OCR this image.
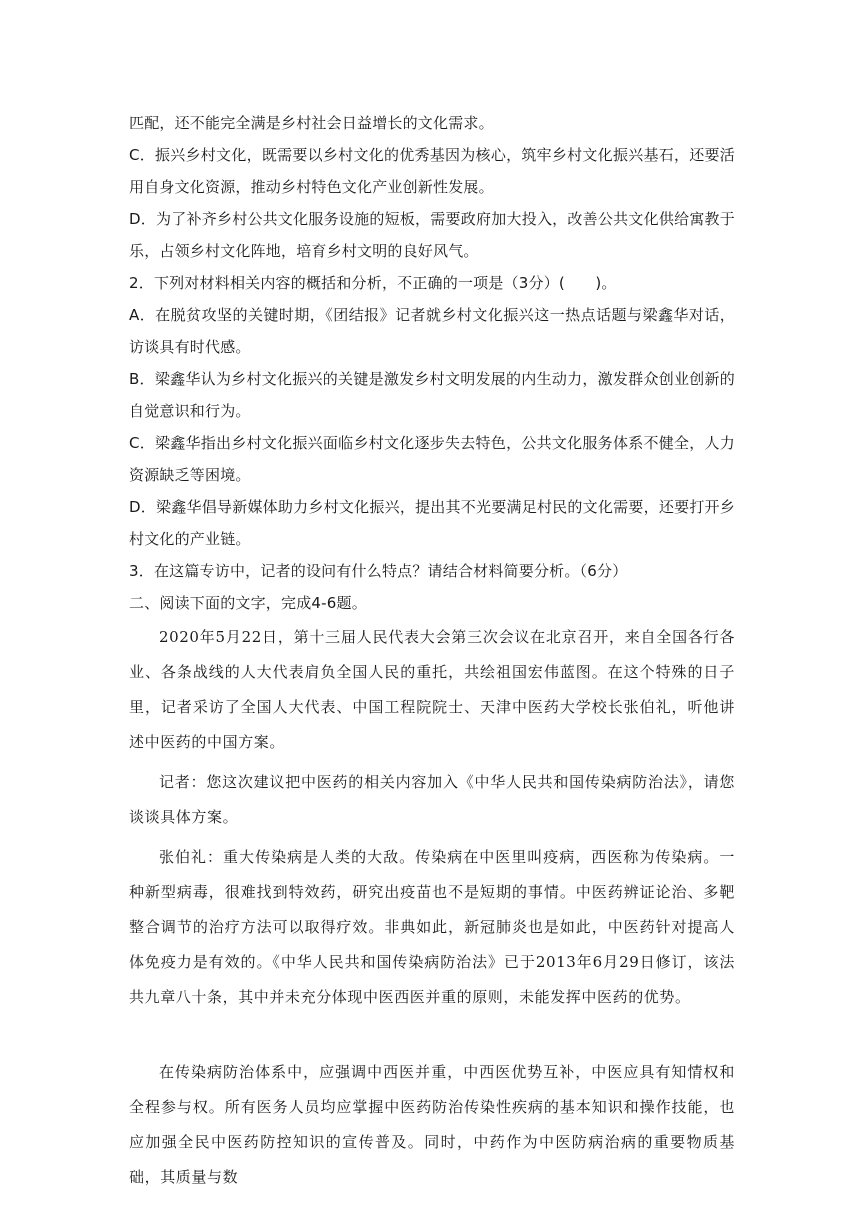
匹配，还不能完全满是乡村社会日益增长的文化需求。

C．振兴乡村文化，既需要以乡村文化的优秀基因为核心，筑牢乡村文化振兴基石，还要活用自身文化资源，推动乡村特色文化产业创新性发展。

D．为了补齐乡村公共文化服务设施的短板，需要政府加大投入，改善公共文化供给寓教于乐，占领乡村文化阵地，培育乡村文明的良好风气。

2．下列对材料相关内容的概括和分析，不正确的一项是（3分）(　　)。

A．在脱贫攻坚的关键时期，《团结报》记者就乡村文化振兴这一热点话题与梁鑫华对话，访谈具有时代感。

B．梁鑫华认为乡村文化振兴的关键是激发乡村文明发展的内生动力，激发群众创业创新的自觉意识和行为。

C．梁鑫华指出乡村文化振兴面临乡村文化逐步失去特色，公共文化服务体系不健全，人力资源缺乏等困境。

D．梁鑫华倡导新媒体助力乡村文化振兴，提出其不光要满足村民的文化需要，还要打开乡村文化的产业链。

3．在这篇专访中，记者的设问有什么特点？请结合材料简要分析。（6分）

二、阅读下面的文字，完成4-6题。

2020年5月22日，第十三届人民代表大会第三次会议在北京召开，来自全国各行各业、各条战线的人大代表肩负全国人民的重托，共绘祖国宏伟蓝图。在这个特殊的日子里，记者采访了全国人大代表、中国工程院院士、天津中医药大学校长张伯礼，听他讲述中医药的中国方案。

记者：您这次建议把中医药的相关内容加入《中华人民共和国传染病防治法》，请您谈谈具体方案。

张伯礼：重大传染病是人类的大敌。传染病在中医里叫疫病，西医称为传染病。一种新型病毒，很难找到特效药，研究出疫苗也不是短期的事情。中医药辨证论治、多靶整合调节的治疗方法可以取得疗效。非典如此，新冠肺炎也是如此，中医药针对提高人体免疫力是有效的。《中华人民共和国传染病防治法》已于2013年6月29日修订，该法共九章八十条，其中并未充分体现中医西医并重的原则，未能发挥中医药的优势。

在传染病防治体系中，应强调中西医并重，中西医优势互补，中医应具有知情权和全程参与权。所有医务人员均应掌握中医药防治传染性疾病的基本知识和操作技能，也应加强全民中医药防控知识的宣传普及。同时，中药作为中医防病治病的重要物质基础，其质量与数
